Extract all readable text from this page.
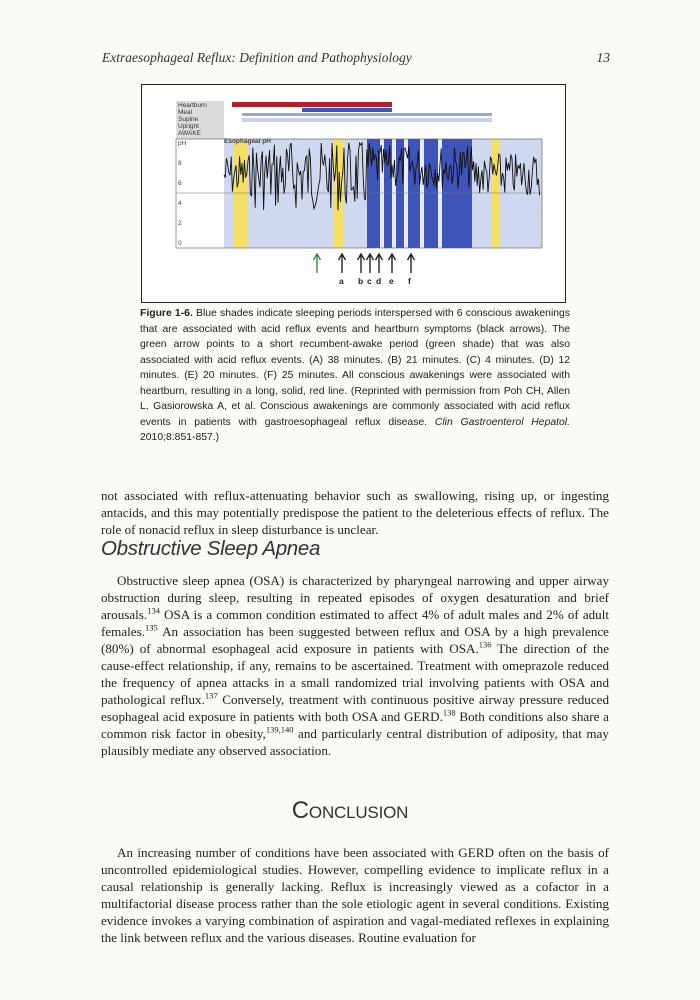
Extraesophageal Reflux: Definition and Pathophysiology	13
Heartburn
Meal
Supine
Upright
AWAKE
pH
8
6
4
2
0
Esophageal pH
a b c d e f
Figure 1-6. Blue shades indicate sleeping periods interspersed with 6 conscious awakenings that are associated with acid reflux events and heartburn symptoms (black arrows). The green arrow points to a short recumbent-awake period (green shade) that was also associated with acid reflux events. (A) 38 minutes. (B) 21 minutes. (C) 4 minutes. (D) 12 minutes. (E) 20 minutes. (F) 25 minutes. All conscious awakenings were associated with heartburn, resulting in a long, solid, red line. (Reprinted with permission from Poh CH, Allen L, Gasiorowska A, et al. Conscious awakenings are commonly associated with acid reflux events in patients with gastroesophageal reflux disease. Clin Gastroenterol Hepatol. 2010;8:851-857.)

not associated with reflux-attenuating behavior such as swallowing, rising up, or ingesting antacids, and this may potentially predispose the patient to the deleterious effects of reflux. The role of nonacid reflux in sleep disturbance is unclear.

Obstructive Sleep Apnea

Obstructive sleep apnea (OSA) is characterized by pharyngeal narrowing and upper airway obstruction during sleep, resulting in repeated episodes of oxygen desaturation and brief arousals.$^{134}$ OSA is a common condition estimated to affect 4% of adult males and 2% of adult females.$^{135}$ An association has been suggested between reflux and OSA by a high prevalence (80%) of abnormal esophageal acid exposure in patients with OSA.$^{136}$ The direction of the cause-effect relationship, if any, remains to be ascertained. Treatment with omeprazole reduced the frequency of apnea attacks in a small randomized trial involving patients with OSA and pathological reflux.$^{137}$ Conversely, treatment with continuous positive airway pressure reduced esophageal acid exposure in patients with both OSA and GERD.$^{138}$ Both conditions also share a common risk factor in obesity,$^{139,140}$ and particularly central distribution of adiposity, that may plausibly mediate any observed association.

Conclusion

An increasing number of conditions have been associated with GERD often on the basis of uncontrolled epidemiological studies. However, compelling evidence to implicate reflux in a causal relationship is generally lacking. Reflux is increasingly viewed as a cofactor in a multifactorial disease process rather than the sole etiologic agent in several conditions. Existing evidence invokes a varying combination of aspiration and vagal-mediated reflexes in explaining the link between reflux and the various diseases. Routine evaluation for
